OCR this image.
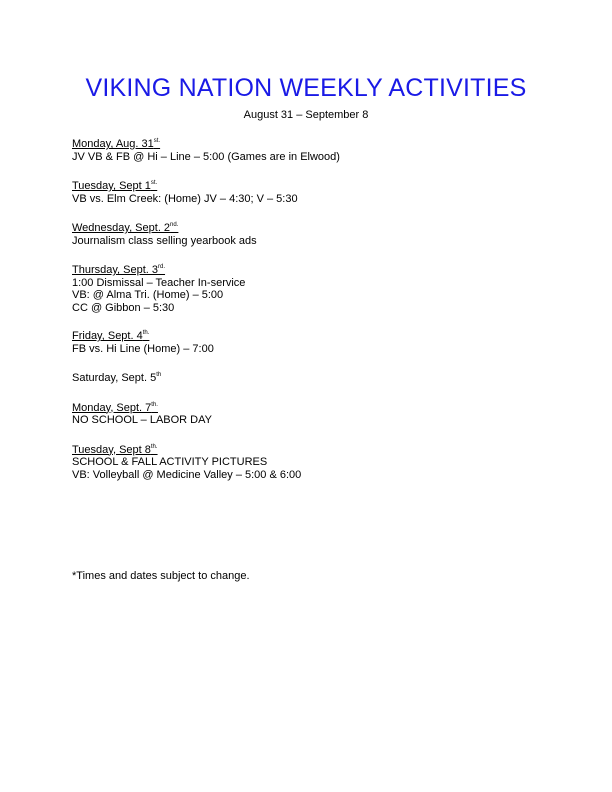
VIKING NATION WEEKLY ACTIVITIES
August 31 – September 8
Monday, Aug. $31^{st.}$
JV VB & FB @ Hi – Line – 5:00 (Games are in Elwood)
Tuesday, Sept $1^{st.}$
VB vs. Elm Creek: (Home) JV – 4:30; V – 5:30
Wednesday, Sept. $2^{nd.}$
Journalism class selling yearbook ads
Thursday, Sept. $3^{rd.}$
1:00 Dismissal – Teacher In-service
VB: @ Alma Tri. (Home) – 5:00
CC @ Gibbon – 5:30
Friday, Sept. $4^{th.}$
FB vs. Hi Line (Home) – 7:00
Saturday, Sept. 5th
Monday, Sept. $7^{th.}$
NO SCHOOL – LABOR DAY
Tuesday, Sept $8^{th.}$
SCHOOL & FALL ACTIVITY PICTURES
VB: Volleyball @ Medicine Valley – 5:00 & 6:00
*Times and dates subject to change.
